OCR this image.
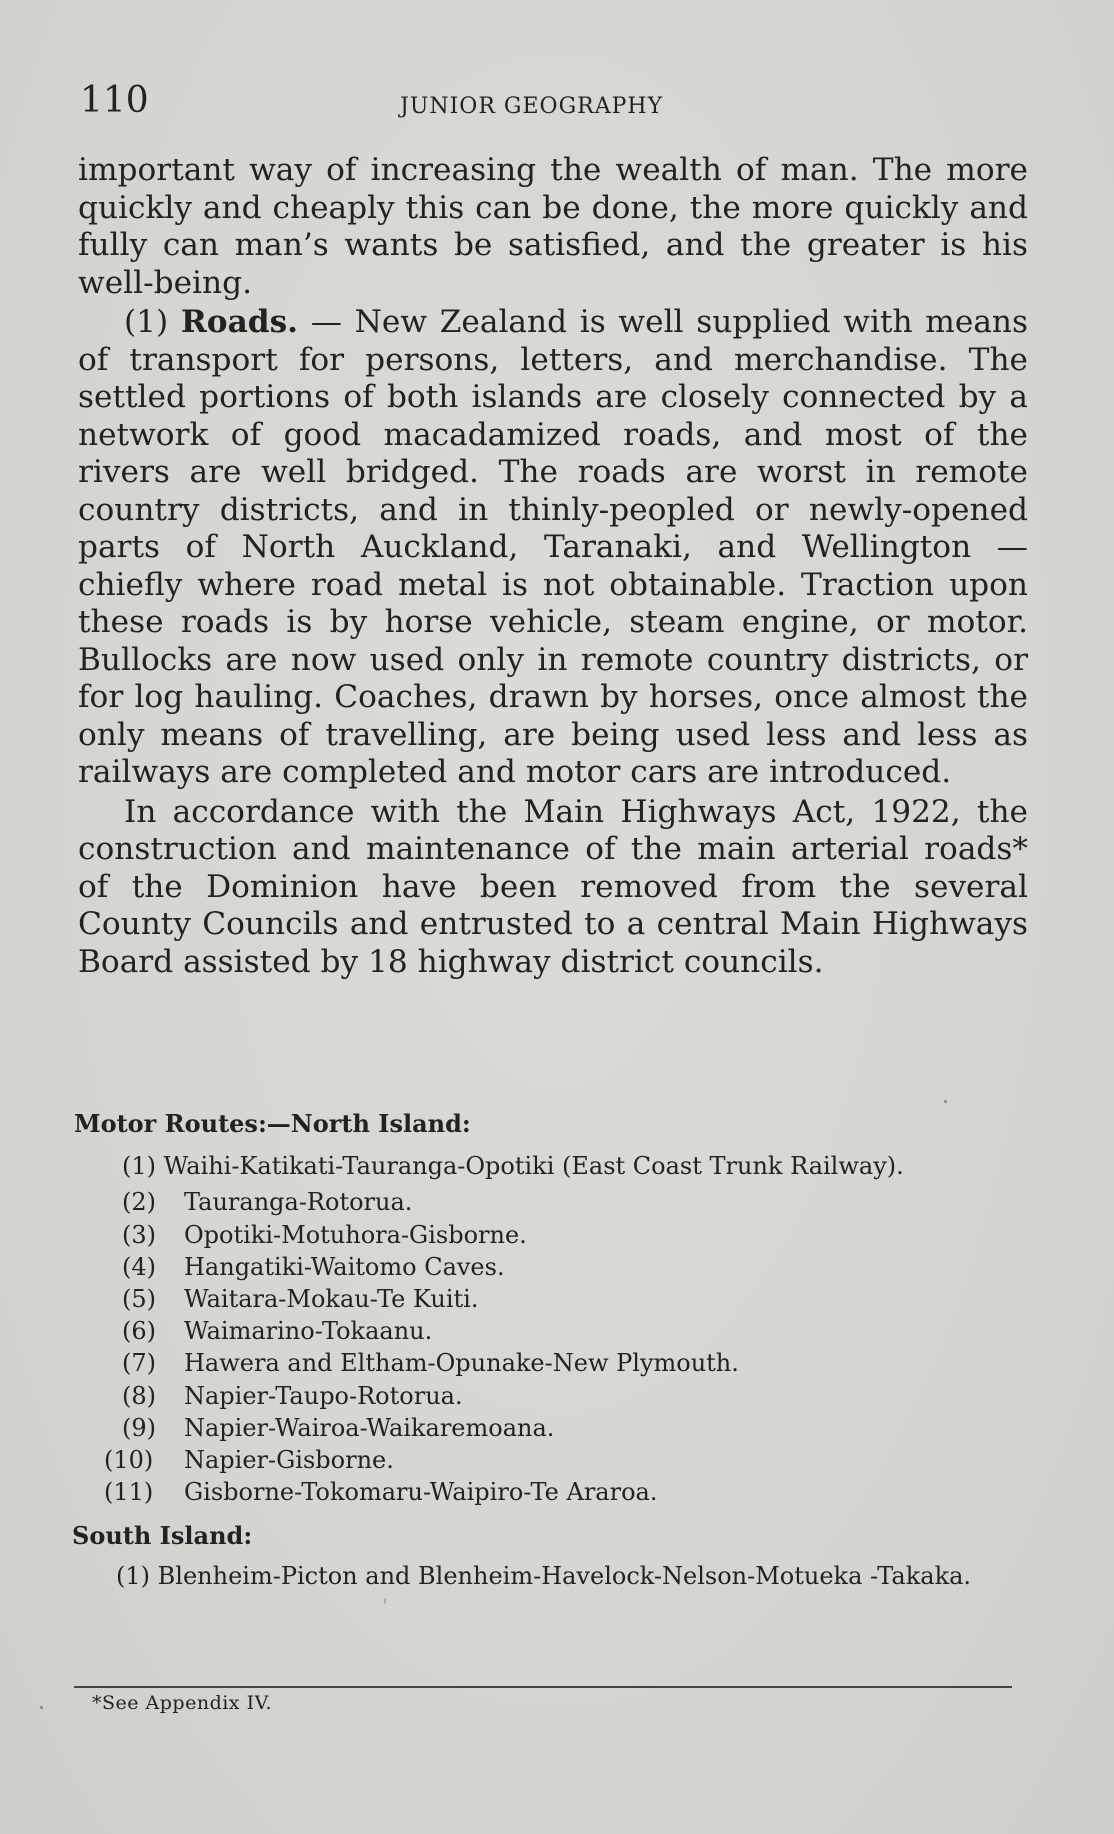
110	JUNIOR GEOGRAPHY

important way of increasing the wealth of man. The more quickly and cheaply this can be done, the more quickly and fully can man’s wants be satisfied, and the greater is his well-being.

(1) Roads. — New Zealand is well supplied with means of transport for persons, letters, and merchandise. The settled portions of both islands are closely connected by a network of good macadamized roads, and most of the rivers are well bridged. The roads are worst in remote country districts, and in thinly-peopled or newly-opened parts of North Auckland, Taranaki, and Wellington — chiefly where road metal is not obtainable. Traction upon these roads is by horse vehicle, steam engine, or motor. Bullocks are now used only in remote country districts, or for log hauling. Coaches, drawn by horses, once almost the only means of travelling, are being used less and less as railways are completed and motor cars are introduced.

In accordance with the Main Highways Act, 1922, the construction and maintenance of the main arterial roads* of the Dominion have been removed from the several County Councils and entrusted to a central Main Highways Board assisted by 18 highway district councils.

Motor Routes:—North Island:

(1) Waihi-Katikati-Tauranga-Opotiki (East Coast Trunk Railway).

(2) Tauranga-Rotorua.

(3) Opotiki-Motuhora-Gisborne.

(4) Hangatiki-Waitomo Caves.

(5) Waitara-Mokau-Te Kuiti.

(6) Waimarino-Tokaanu.

(7) Hawera and Eltham-Opunake-New Plymouth.

(8) Napier-Taupo-Rotorua.

(9) Napier-Wairoa-Waikaremoana.

(10) Napier-Gisborne.

(11) Gisborne-Tokomaru-Waipiro-Te Araroa.

South Island:

(1) Blenheim-Picton and Blenheim-Havelock-Nelson-Motueka -Takaka.

*See Appendix IV.
